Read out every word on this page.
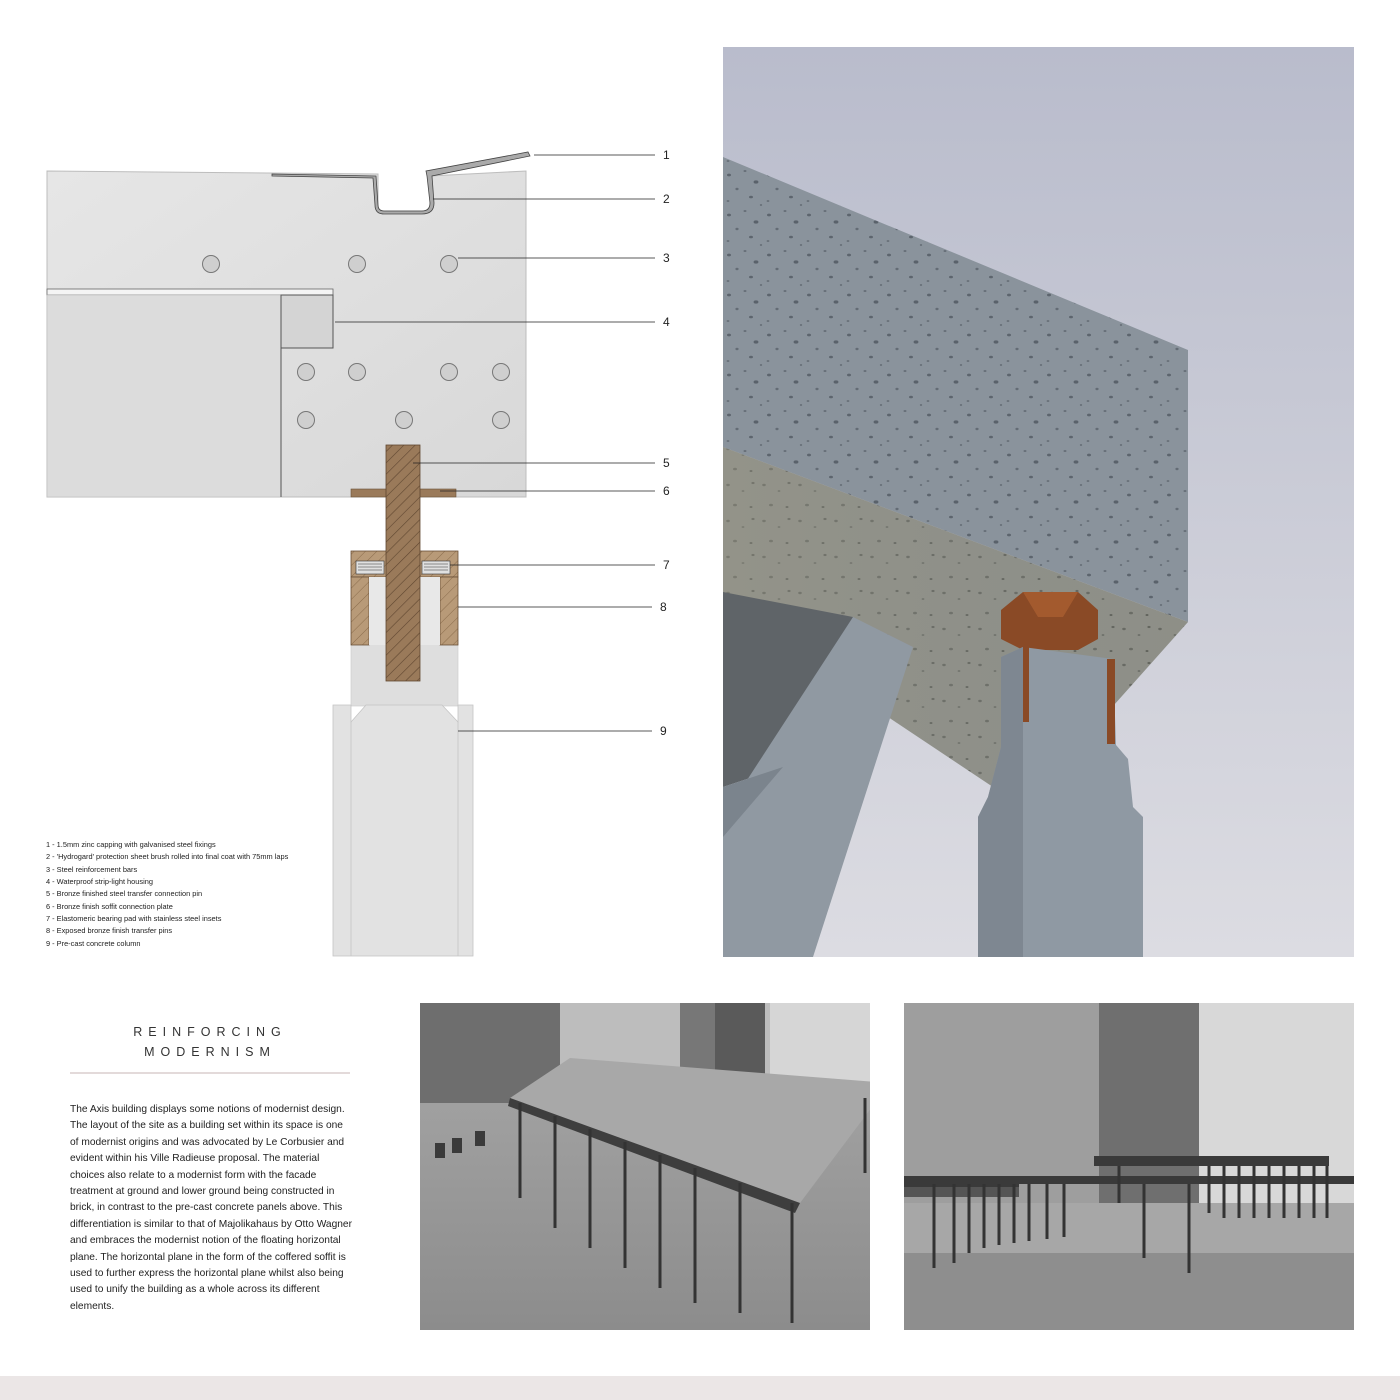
1
2
3
4
5
6
7
8
9
1 - 1.5mm zinc capping with galvanised steel fixings
2 - 'Hydrogard' protection sheet brush rolled into final coat with 75mm laps
3 - Steel reinforcement bars
4 - Waterproof strip-light housing
5 - Bronze finished steel transfer connection pin
6 - Bronze finish soffit connection plate
7 - Elastomeric bearing pad with stainless steel insets
8 - Exposed bronze finish transfer pins
9 - Pre-cast concrete column
REINFORCING
MODERNISM
The Axis building displays some notions of modernist design. The layout of the site as a building set within its space is one of modernist origins and was advocated by Le Corbusier and evident within his Ville Radieuse proposal. The material choices also relate to a modernist form with the facade treatment at ground and lower ground being constructed in brick, in contrast to the pre-cast concrete panels above. This differentiation is similar to that of Majolikahaus by Otto Wagner and embraces the modernist notion of the floating horizontal plane. The horizontal plane in the form of the coffered soffit is used to further express the horizontal plane whilst also being used to unify the building as a whole across its different elements.
